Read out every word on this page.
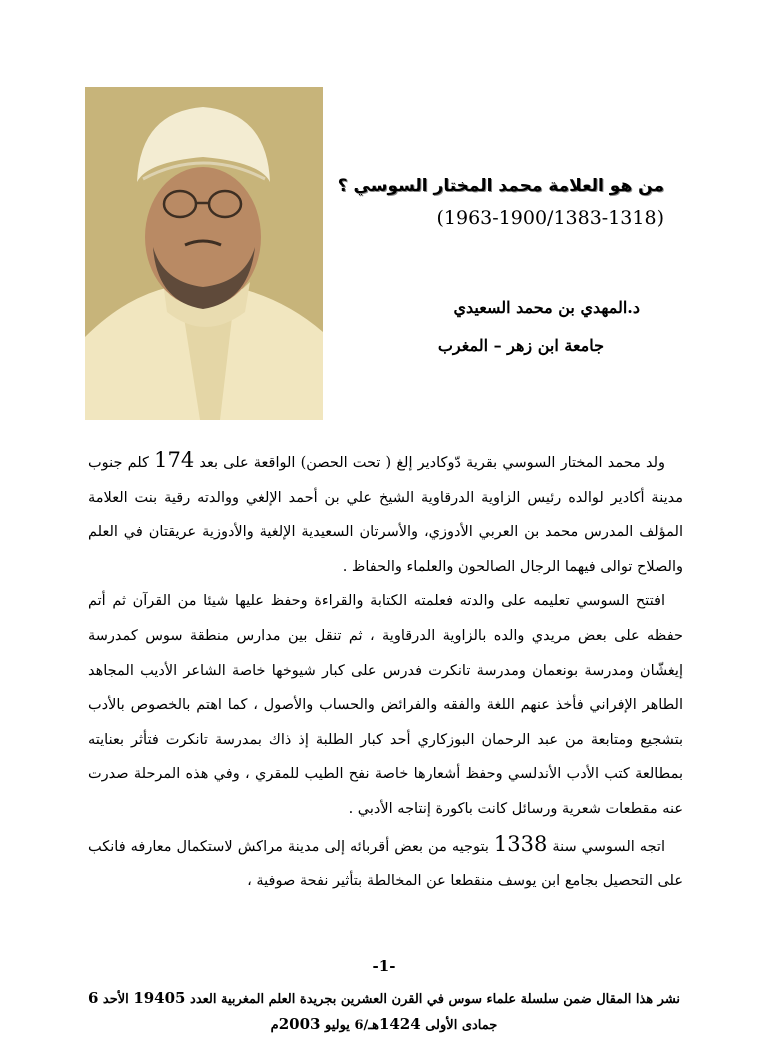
من هو العلامة محمد المختار السوسي ؟
(1963-1900/1383-1318)
د.المهدي بن محمد السعيدي
جامعة ابن زهر – المغرب

ولد محمد المختار السوسي بقرية دّوكادير إلغ ( تحت الحصن) الواقعة على بعد 174 كلم جنوب مدينة أكادير لوالده رئيس الزاوية الدرقاوية الشيخ علي بن أحمد الإلغي ووالدته رقية بنت العلامة المؤلف المدرس محمد بن العربي الأدوزي، والأسرتان السعيدية الإلغية والأدوزية عريقتان في العلم والصلاح توالى فيهما الرجال الصالحون والعلماء والحفاظ .

افتتح السوسي تعليمه على والدته فعلمته الكتابة والقراءة وحفظ عليها شيئا من القرآن ثم أتم حفظه على بعض مريدي والده بالزاوية الدرقاوية ، ثم تنقل بين مدارس منطقة سوس كمدرسة إيغشّان ومدرسة بونعمان ومدرسة تانكرت فدرس على كبار شيوخها خاصة الشاعر الأديب المجاهد الطاهر الإفراني فأخذ عنهم اللغة والفقه والفرائض والحساب والأصول ، كما اهتم بالخصوص بالأدب بتشجيع ومتابعة من عبد الرحمان البوزكاري أحد كبار الطلبة إذ ذاك بمدرسة تانكرت فتأثر بعنايته بمطالعة كتب الأدب الأندلسي وحفظ أشعارها خاصة نفح الطيب للمقري ، وفي هذه المرحلة صدرت عنه مقطعات شعرية ورسائل كانت باكورة إنتاجه الأدبي .

اتجه السوسي سنة 1338 بتوجيه من بعض أقربائه إلى مدينة مراكش لاستكمال معارفه فانكب على التحصيل بجامع ابن يوسف منقطعا عن المخالطة بتأثير نفحة صوفية ،

-1-
نشر هذا المقال ضمن سلسلة علماء سوس في القرن العشرين بجريدة العلم المغربية العدد 19405 الأحد 6 جمادى الأولى 1424هـ/6 يوليو 2003م
